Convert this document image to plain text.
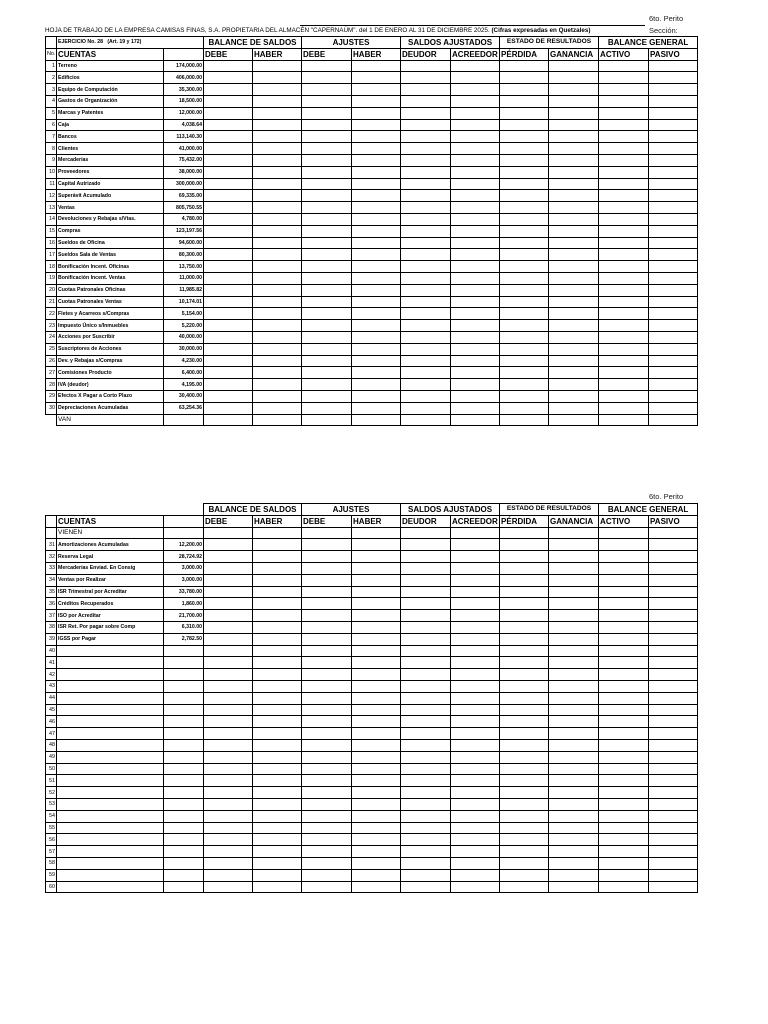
6to. Perito
Sección:
HOJA DE TRABAJO DE LA EMPRESA CAMISAS FINAS, S.A. PROPIETARIA DEL ALMACÉN "CAPERNAÚM". del 1 DE ENERO AL 31 DE DICIEMBRE 2025. (Cifras expresadas en Quetzales)
	EJERCICIO No. 28 (Art. 19 y 172)		BALANCE DE SALDOS		AJUSTES		SALDOS AJUSTADOS		ESTADO DE RESULTADOS		BALANCE GENERAL	
No.	CUENTAS		DEBE	HABER	DEBE	HABER	DEUDOR	ACREEDOR	PÉRDIDA	GANANCIA	ACTIVO	PASIVO
1	Terreno	174,000.00										
2	Edificios	406,000.00										
3	Equipo de Computación	35,300.00										
4	Gastos de Organización	18,500.00										
5	Marcas y Patentes	12,000.00										
6	Caja	4,038.64										
7	Bancos	113,140.30										
8	Clientes	41,000.00										
9	Mercaderías	75,432.00										
10	Proveedores	38,000.00										
11	Capital Autrizado	300,000.00										
12	Superávit Acumulado	69,335.00										
13	Ventas	805,750.55										
14	Devoluciones y Rebajas s/Vtas.	4,780.00										
15	Compras	123,197.56										
16	Sueldos de Oficina	94,600.00										
17	Sueldos Sala de Ventas	80,300.00										
18	Bonificación Incent. Oficinas	13,750.00										
19	Bonificación Incent. Ventas	11,000.00										
20	Cuotas Patronales Oficinas	11,985.82										
21	Cuotas Patronales Ventas	10,174.01										
22	Fletes y Acarreos s/Compras	5,154.00										
23	Impuesto Único s/Inmuebles	5,220.00										
24	Acciones por Suscribir	40,000.00										
25	Suscriptores de Acciones	30,000.00										
26	Dev. y Rebajas s/Compras	4,230.00										
27	Comisiones Producto	6,400.00										
28	IVA (deudor)	4,195.00										
29	Efectos X Pagar a Corto Plazo	30,400.00										
30	Depreciaciones Acumuladas	63,254.36										
	VAN											
6to. Perito
			BALANCE DE SALDOS		AJUSTES		SALDOS AJUSTADOS		ESTADO DE RESULTADOS		BALANCE GENERAL	
	CUENTAS		DEBE	HABER	DEBE	HABER	DEUDOR	ACREEDOR	PÉRDIDA	GANANCIA	ACTIVO	PASIVO
	VIENEN											
31	Amortizaciones Acumuladas	12,200.00										
32	Reserva Legal	28,724.92										
33	Mercaderías Enviad. En Consig	3,000.00										
34	Ventas por Realizar	3,000.00										
35	ISR Trimestral por Acreditar	33,780.00										
36	Créditos Recuperados	1,860.00										
37	ISO por Acreditar	21,700.00										
38	ISR Ret. Por pagar sobre Comp	6,310.00										
39	IGSS por Pagar	2,782.50										
40												
41												
42												
43												
44												
45												
46												
47												
48												
49												
50												
51												
52												
53												
54												
55												
56												
57												
58												
59												
60												
